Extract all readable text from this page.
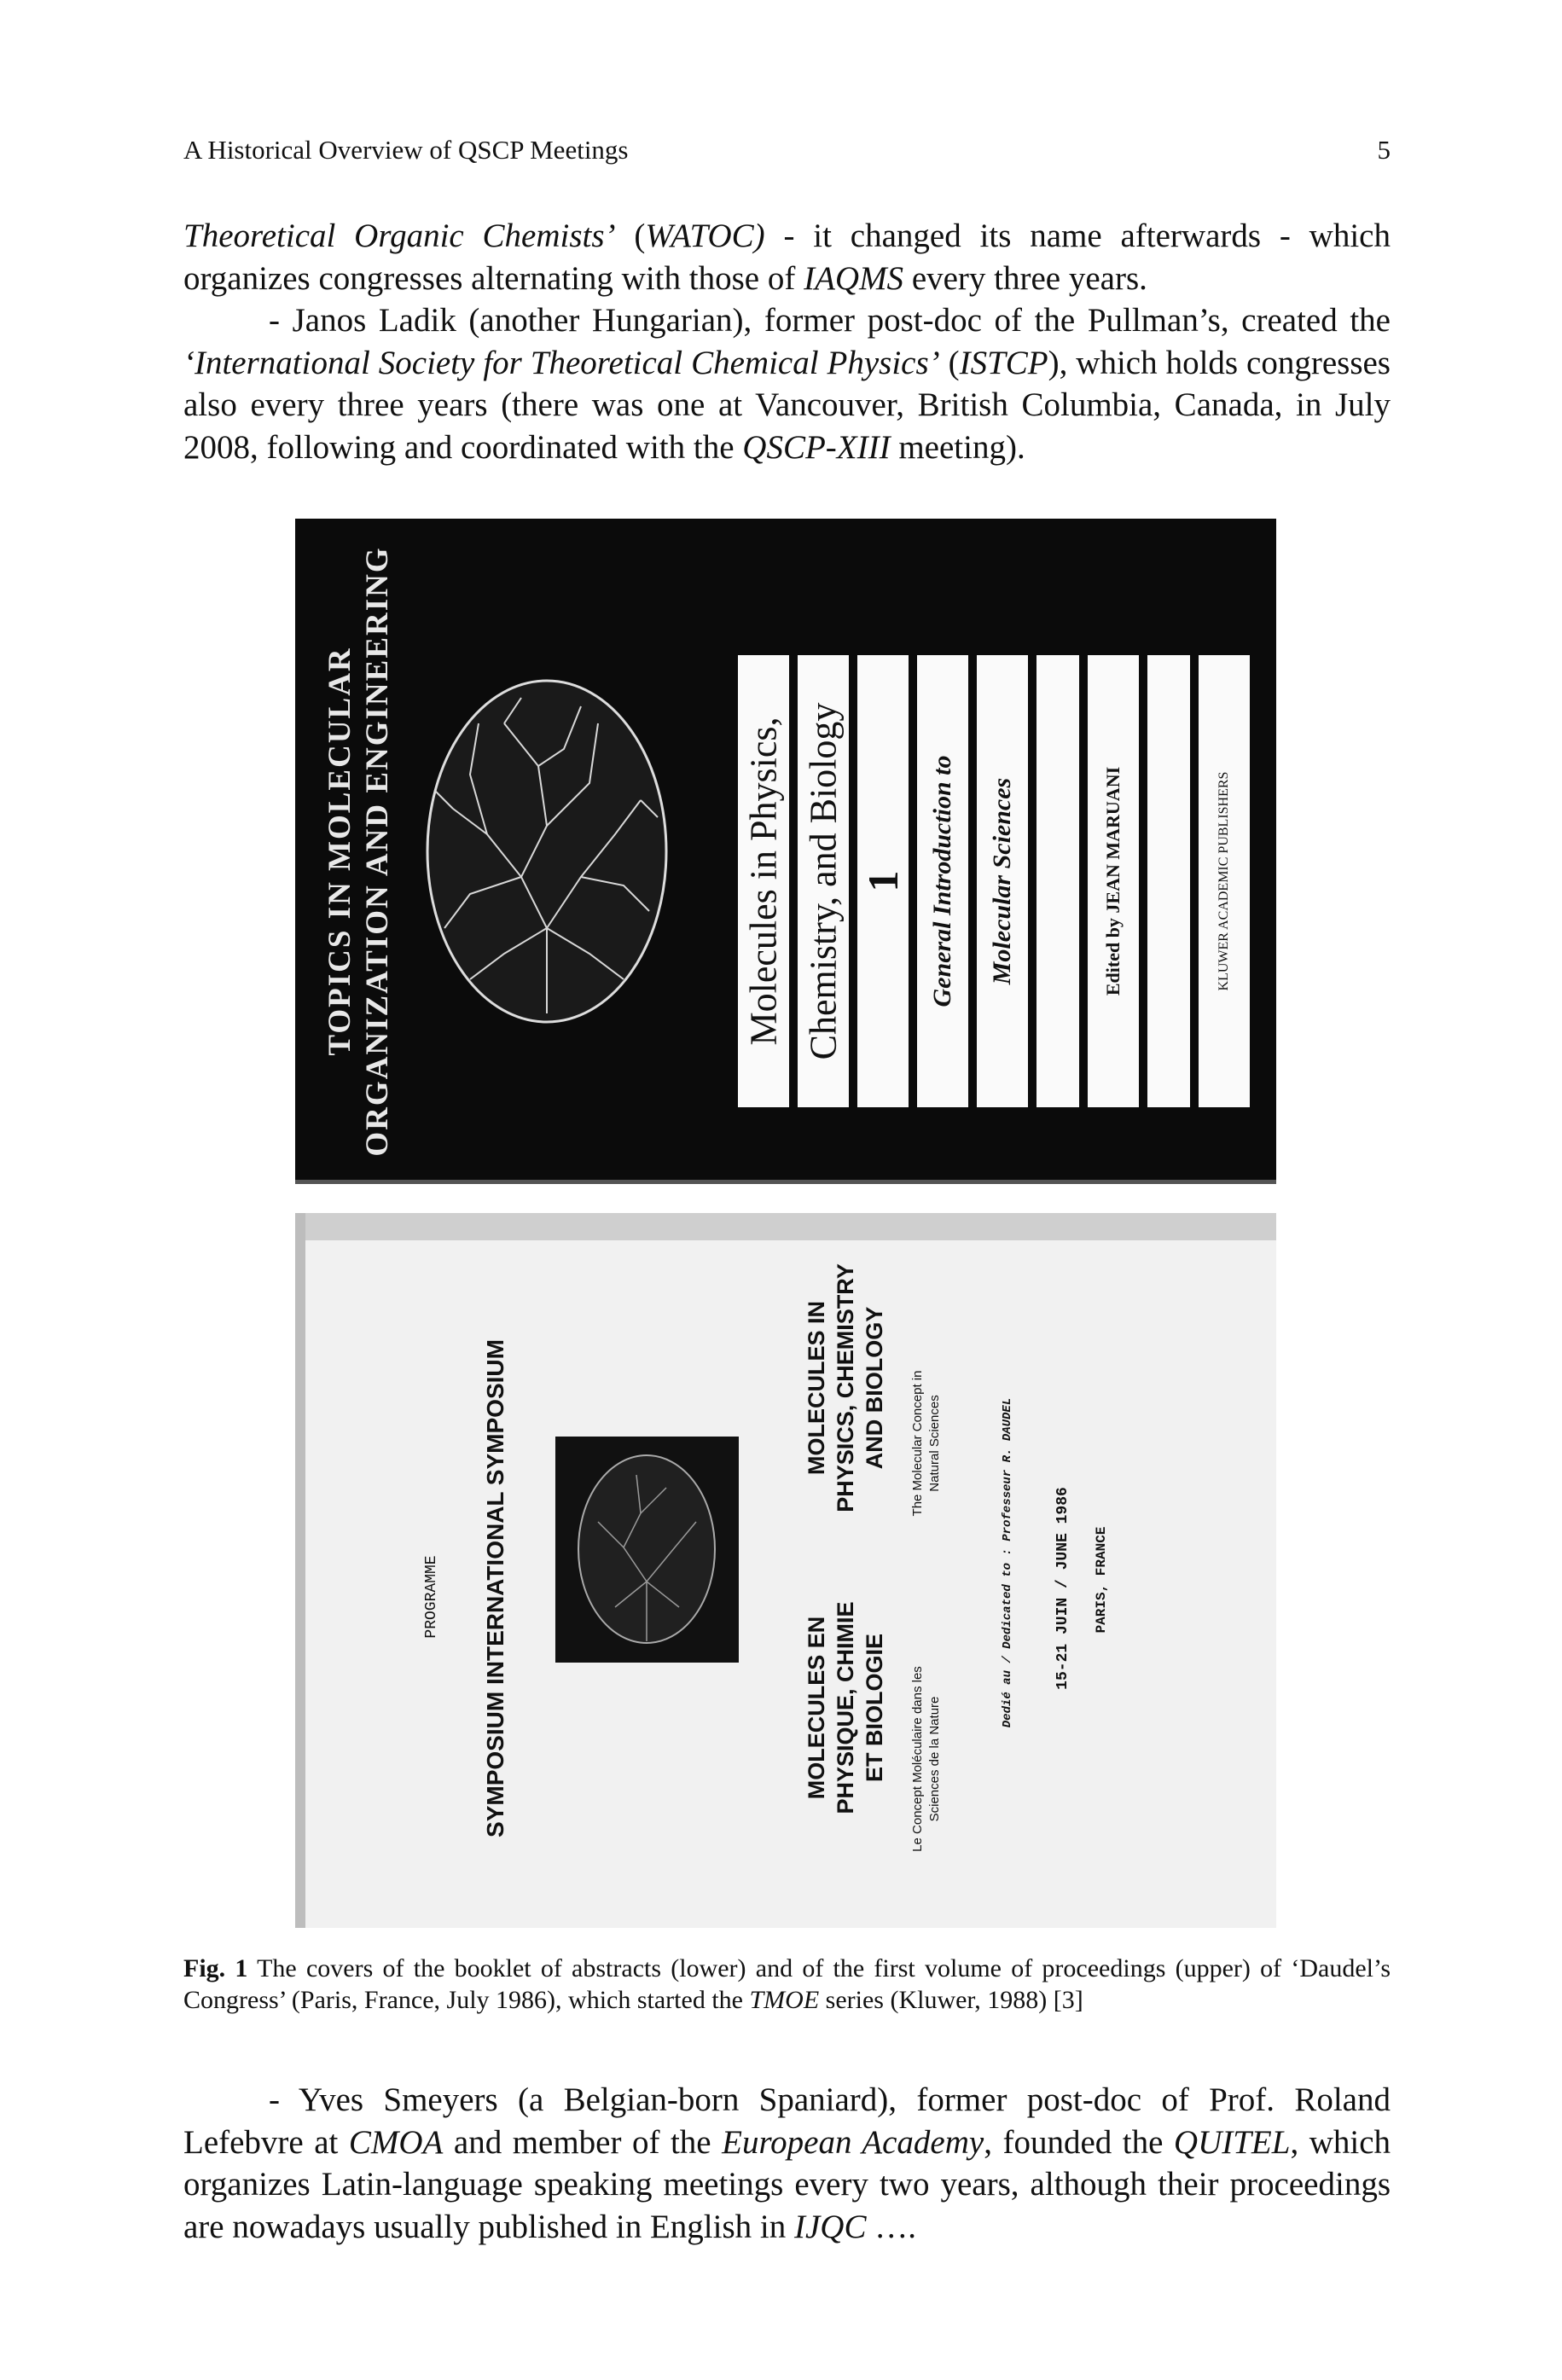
A Historical Overview of QSCP Meetings	5

Theoretical Organic Chemists’ (WATOC) - it changed its name afterwards - which organizes congresses alternating with those of IAQMS every three years.

- Janos Ladik (another Hungarian), former post-doc of the Pullman’s, created the ‘International Society for Theoretical Chemical Physics’ (ISTCP), which holds congresses also every three years (there was one at Vancouver, British Columbia, Canada, in July 2008, following and coordinated with the QSCP-XIII meeting).

TOPICS IN MOLECULAR ORGANIZATION AND ENGINEERING	Molecules in Physics, Chemistry, and Biology 1 General Introduction to Molecular Sciences	Edited by JEAN MARUANI	KLUWER ACADEMIC PUBLISHERS
PROGRAMME SYMPOSIUM INTERNATIONAL SYMPOSIUM	MOLECULES EN PHYSIQUE, CHIMIE ET BIOLOGIE
MOLECULES IN PHYSICS, CHEMISTRY AND BIOLOGY
Le Concept Moléculaire dans les Sciences de la Nature
The Molecular Concept in Natural Sciences	Dedié au / Dedicated to : Professeur R. DAUDEL	15-21 JUIN / JUNE 1986 PARIS, FRANCE
Fig. 1 The covers of the booklet of abstracts (lower) and of the first volume of proceedings (upper) of ‘Daudel’s Congress’ (Paris, France, July 1986), which started the TMOE series (Kluwer, 1988) [3]

- Yves Smeyers (a Belgian-born Spaniard), former post-doc of Prof. Roland Lefebvre at CMOA and member of the European Academy, founded the QUITEL, which organizes Latin-language speaking meetings every two years, although their proceedings are nowadays usually published in English in IJQC ….
